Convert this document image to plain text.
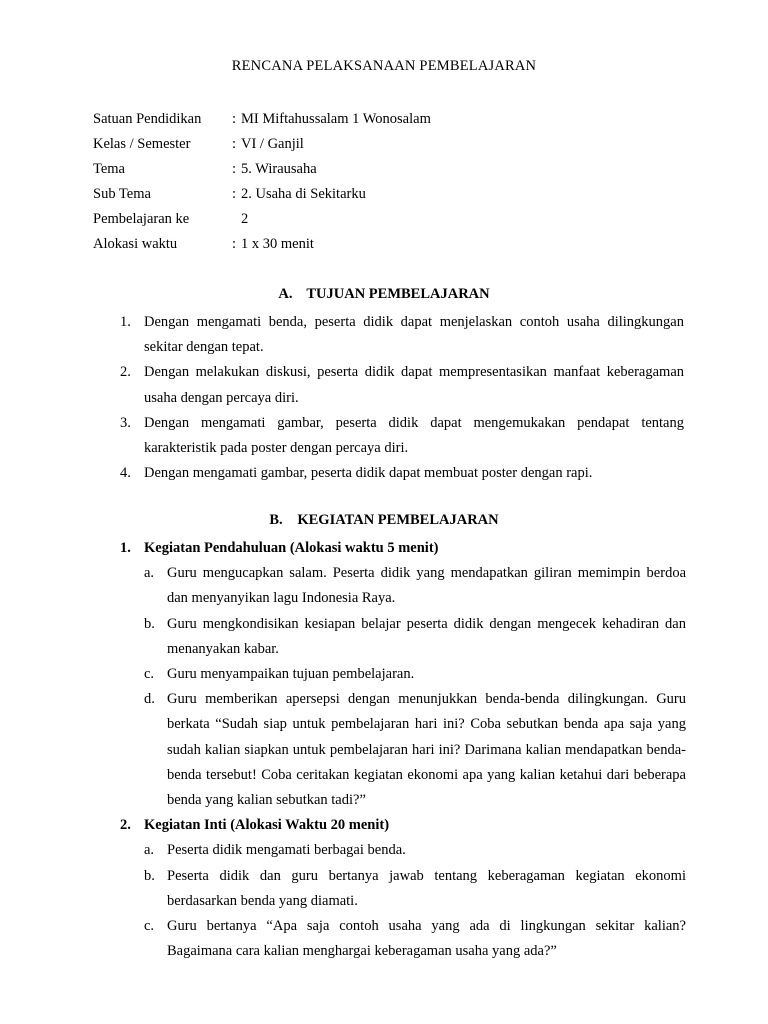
RENCANA PELAKSANAAN PEMBELAJARAN
Satuan Pendidikan : MI Miftahussalam 1 Wonosalam
Kelas / Semester	: VI / Ganjil
Tema	: 5. Wirausaha
Sub Tema	: 2. Usaha di Sekitarku
Pembelajaran ke	2
Alokasi waktu	: 1 x 30 menit
A. TUJUAN PEMBELAJARAN
1. Dengan mengamati benda, peserta didik dapat menjelaskan contoh usaha dilingkungan sekitar dengan tepat.
2. Dengan melakukan diskusi, peserta didik dapat mempresentasikan manfaat keberagaman usaha dengan percaya diri.
3. Dengan mengamati gambar, peserta didik dapat mengemukakan pendapat tentang karakteristik pada poster dengan percaya diri.
4. Dengan mengamati gambar, peserta didik dapat membuat poster dengan rapi.
B. KEGIATAN PEMBELAJARAN
1. Kegiatan Pendahuluan (Alokasi waktu 5 menit)
a. Guru mengucapkan salam. Peserta didik yang mendapatkan giliran memimpin berdoa dan menyanyikan lagu Indonesia Raya.
b. Guru mengkondisikan kesiapan belajar peserta didik dengan mengecek kehadiran dan menanyakan kabar.
c. Guru menyampaikan tujuan pembelajaran.
d. Guru memberikan apersepsi dengan menunjukkan benda-benda dilingkungan. Guru berkata “Sudah siap untuk pembelajaran hari ini? Coba sebutkan benda apa saja yang sudah kalian siapkan untuk pembelajaran hari ini? Darimana kalian mendapatkan benda-benda tersebut! Coba ceritakan kegiatan ekonomi apa yang kalian ketahui dari beberapa benda yang kalian sebutkan tadi?”
2. Kegiatan Inti (Alokasi Waktu 20 menit)
a. Peserta didik mengamati berbagai benda.
b. Peserta didik dan guru bertanya jawab tentang keberagaman kegiatan ekonomi berdasarkan benda yang diamati.
c. Guru bertanya “Apa saja contoh usaha yang ada di lingkungan sekitar kalian? Bagaimana cara kalian menghargai keberagaman usaha yang ada?”
